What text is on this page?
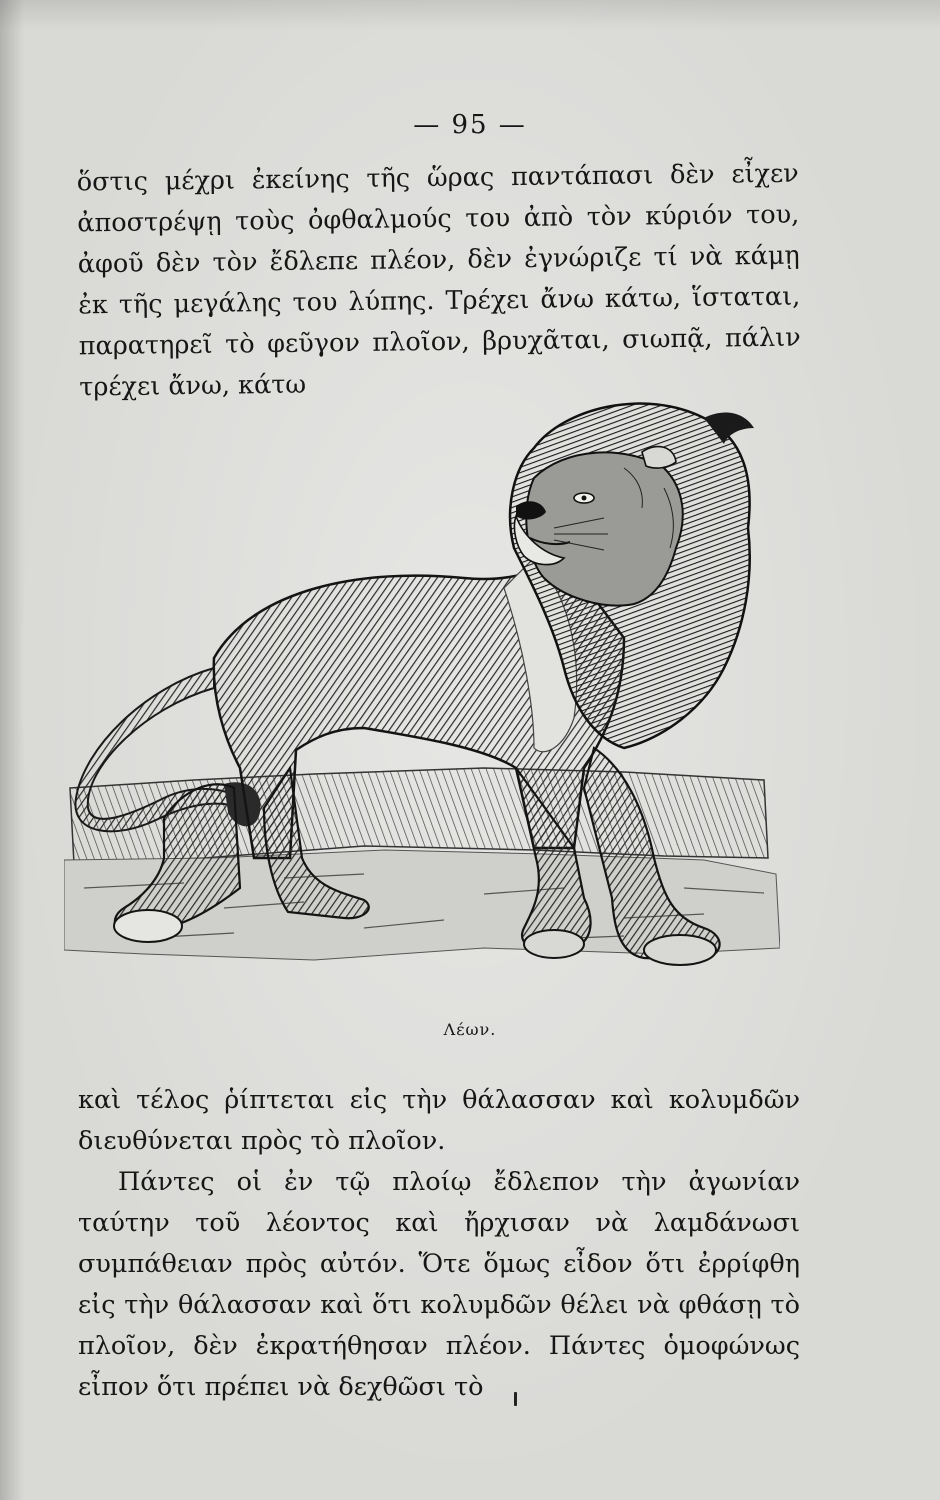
— 95 —

ὅστις μέχρι ἐκείνης τῆς ὥρας παντάπασι δὲν εἶχεν ἀποστρέψῃ τοὺς ὀφθαλμούς του ἀπὸ τὸν κύριόν του, ἀφοῦ δὲν τὸν ἔδλεπε πλέον, δὲν ἐγνώριζε τί νὰ κάμῃ ἐκ τῆς μεγάλης του λύπης. Τρέχει ἄνω κάτω, ἵσταται, παρατηρεῖ τὸ φεῦγον πλοῖον, βρυχᾶται, σιωπᾷ, πάλιν τρέχει ἄνω, κάτω

Λέων.

καὶ τέλος ῥίπτεται εἰς τὴν θάλασσαν καὶ κολυμδῶν διευθύνεται πρὸς τὸ πλοῖον.

Πάντες οἱ ἐν τῷ πλοίῳ ἔδλεπον τὴν ἀγωνίαν ταύτην τοῦ λέοντος καὶ ἤρχισαν νὰ λαμδάνωσι συμπάθειαν πρὸς αὐτόν. Ὅτε ὅμως εἶδον ὅτι ἐρρίφθη εἰς τὴν θάλασσαν καὶ ὅτι κολυμδῶν θέλει νὰ φθάσῃ τὸ πλοῖον, δὲν ἐκρατήθησαν πλέον. Πάντες ὁμοφώνως εἶπον ὅτι πρέπει νὰ δεχθῶσι τὸ
